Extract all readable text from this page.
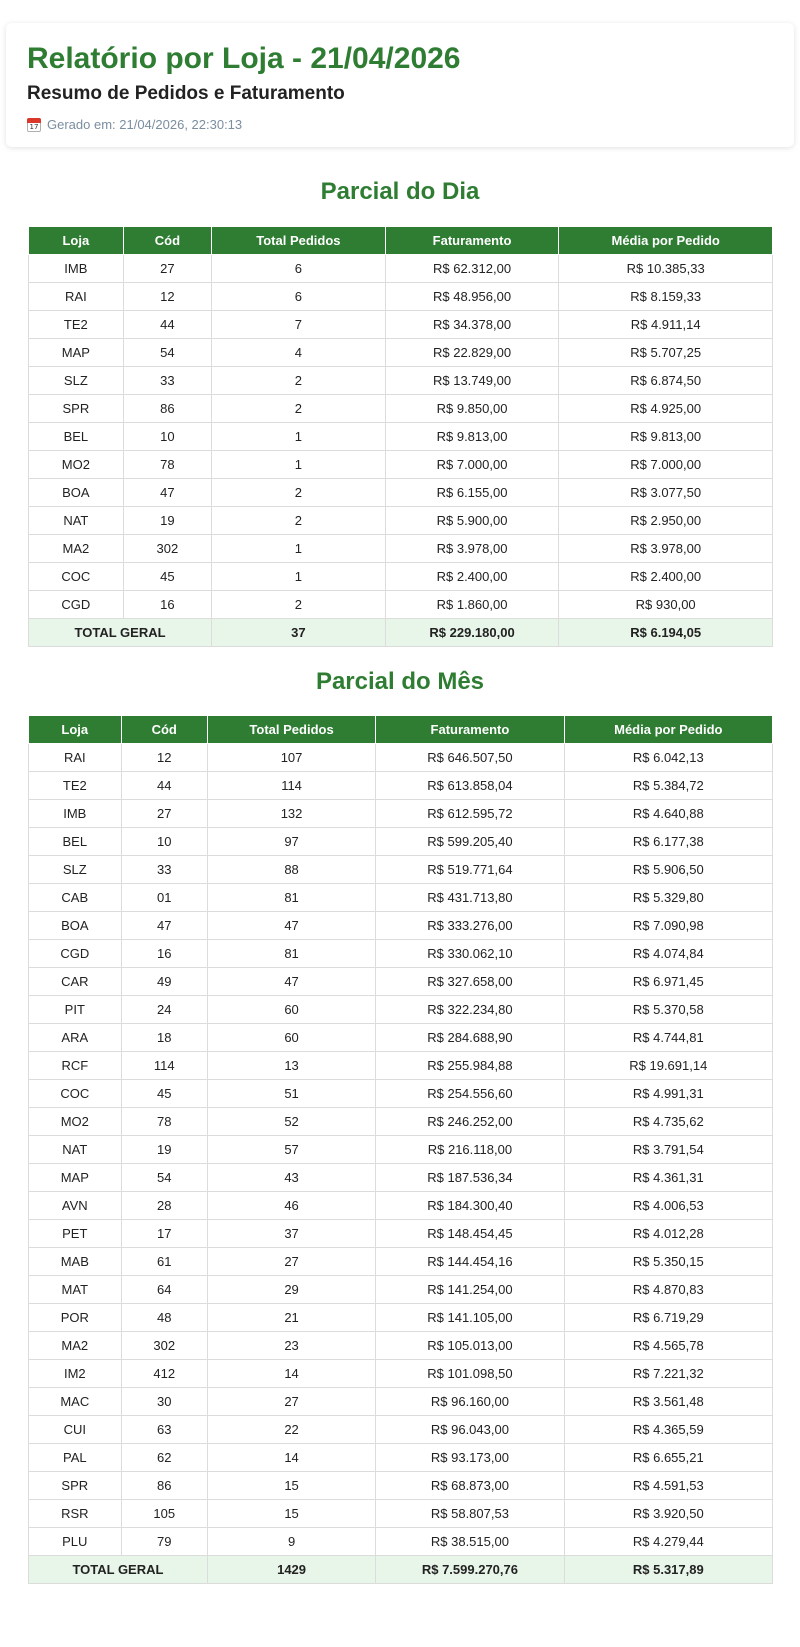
Relatório por Loja - 21/04/2026
Resumo de Pedidos e Faturamento
17
Gerado em: 21/04/2026, 22:30:13
Parcial do Dia
Loja	Cód	Total Pedidos	Faturamento	Média por Pedido
IMB	27	6	R$ 62.312,00	R$ 10.385,33
RAI	12	6	R$ 48.956,00	R$ 8.159,33
TE2	44	7	R$ 34.378,00	R$ 4.911,14
MAP	54	4	R$ 22.829,00	R$ 5.707,25
SLZ	33	2	R$ 13.749,00	R$ 6.874,50
SPR	86	2	R$ 9.850,00	R$ 4.925,00
BEL	10	1	R$ 9.813,00	R$ 9.813,00
MO2	78	1	R$ 7.000,00	R$ 7.000,00
BOA	47	2	R$ 6.155,00	R$ 3.077,50
NAT	19	2	R$ 5.900,00	R$ 2.950,00
MA2	302	1	R$ 3.978,00	R$ 3.978,00
COC	45	1	R$ 2.400,00	R$ 2.400,00
CGD	16	2	R$ 1.860,00	R$ 930,00
TOTAL GERAL		37	R$ 229.180,00	R$ 6.194,05
Parcial do Mês
Loja	Cód	Total Pedidos	Faturamento	Média por Pedido
RAI	12	107	R$ 646.507,50	R$ 6.042,13
TE2	44	114	R$ 613.858,04	R$ 5.384,72
IMB	27	132	R$ 612.595,72	R$ 4.640,88
BEL	10	97	R$ 599.205,40	R$ 6.177,38
SLZ	33	88	R$ 519.771,64	R$ 5.906,50
CAB	01	81	R$ 431.713,80	R$ 5.329,80
BOA	47	47	R$ 333.276,00	R$ 7.090,98
CGD	16	81	R$ 330.062,10	R$ 4.074,84
CAR	49	47	R$ 327.658,00	R$ 6.971,45
PIT	24	60	R$ 322.234,80	R$ 5.370,58
ARA	18	60	R$ 284.688,90	R$ 4.744,81
RCF	114	13	R$ 255.984,88	R$ 19.691,14
COC	45	51	R$ 254.556,60	R$ 4.991,31
MO2	78	52	R$ 246.252,00	R$ 4.735,62
NAT	19	57	R$ 216.118,00	R$ 3.791,54
MAP	54	43	R$ 187.536,34	R$ 4.361,31
AVN	28	46	R$ 184.300,40	R$ 4.006,53
PET	17	37	R$ 148.454,45	R$ 4.012,28
MAB	61	27	R$ 144.454,16	R$ 5.350,15
MAT	64	29	R$ 141.254,00	R$ 4.870,83
POR	48	21	R$ 141.105,00	R$ 6.719,29
MA2	302	23	R$ 105.013,00	R$ 4.565,78
IM2	412	14	R$ 101.098,50	R$ 7.221,32
MAC	30	27	R$ 96.160,00	R$ 3.561,48
CUI	63	22	R$ 96.043,00	R$ 4.365,59
PAL	62	14	R$ 93.173,00	R$ 6.655,21
SPR	86	15	R$ 68.873,00	R$ 4.591,53
RSR	105	15	R$ 58.807,53	R$ 3.920,50
PLU	79	9	R$ 38.515,00	R$ 4.279,44
TOTAL GERAL		1429	R$ 7.599.270,76	R$ 5.317,89
